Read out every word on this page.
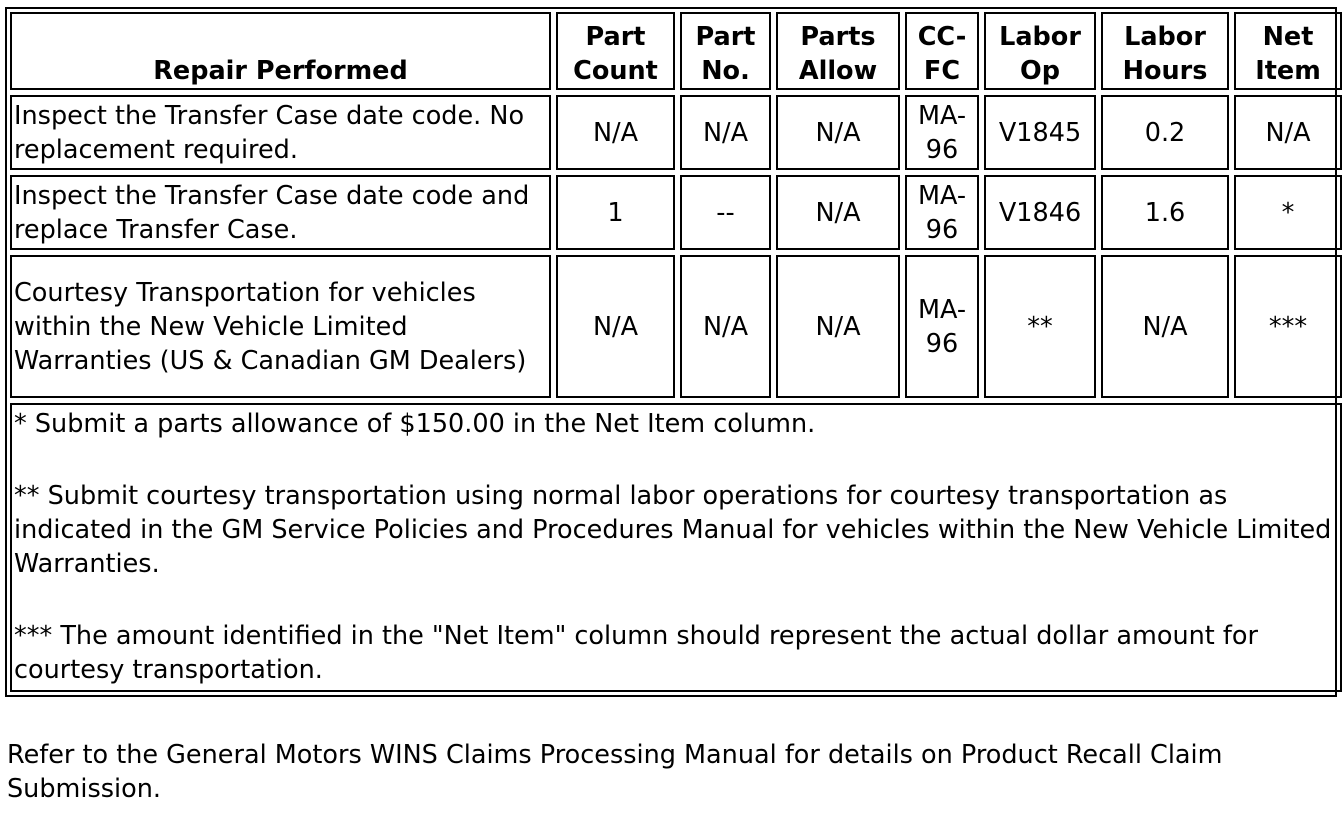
Repair Performed	Part Count	Part No.	Parts Allow	CC-FC	Labor Op	Labor Hours	Net Item
Inspect the Transfer Case date code. No replacement required.	N/A	N/A	N/A	MA-96	V1845	0.2	N/A
Inspect the Transfer Case date code and replace Transfer Case.	1	--	N/A	MA-96	V1846	1.6	*
Courtesy Transportation for vehicles within the New Vehicle Limited Warranties (US & Canadian GM Dealers)	N/A	N/A	N/A	MA-96	**	N/A	***

* Submit a parts allowance of $150.00 in the Net Item column.

** Submit courtesy transportation using normal labor operations for courtesy transportation as indicated in the GM Service Policies and Procedures Manual for vehicles within the New Vehicle Limited Warranties.

*** The amount identified in the "Net Item" column should represent the actual dollar amount for courtesy transportation.							

Refer to the General Motors WINS Claims Processing Manual for details on Product Recall Claim Submission.
